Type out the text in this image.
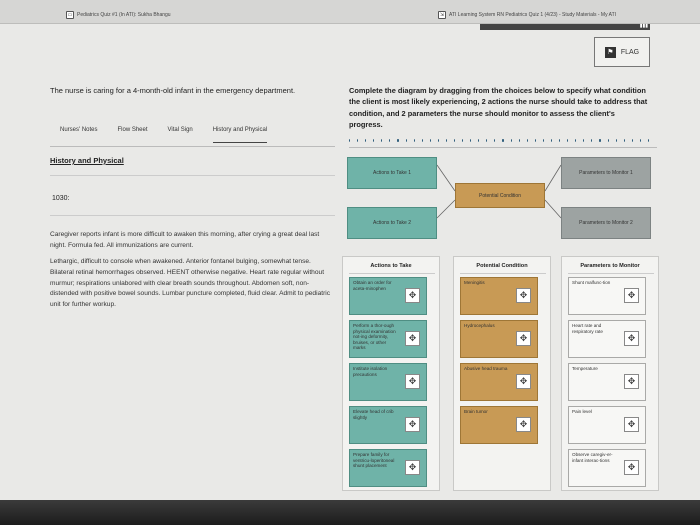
▭ Pediatrics Quiz #1 (In ATI): Sukha Bhangu	⇲ ATI Learning System RN Pediatrics Quiz 1 (4/23) - Study Materials - My ATI
▮▮▮
⚑	FLAG
The nurse is caring for a 4-month-old infant in the emergency department.
Nurses' Notes	Flow Sheet	Vital Sign	History and Physical
History and Physical
1030:
Caregiver reports infant is more difficult to awaken this morning, after crying a great deal last night. Formula fed. All immunizations are current.
Lethargic, difficult to console when awakened. Anterior fontanel bulging, somewhat tense. Bilateral retinal hemorrhages observed. HEENT otherwise negative. Heart rate regular without murmur; respirations unlabored with clear breath sounds throughout. Abdomen soft, non-distended with positive bowel sounds. Lumbar puncture completed, fluid clear. Admit to pediatric unit for further workup.
Complete the diagram by dragging from the choices below to specify what condition the client is most likely experiencing, 2 actions the nurse should take to address that condition, and 2 parameters the nurse should monitor to assess the client's progress.
Actions to Take 1
Actions to Take 2
Potential Condition
Parameters to Monitor 1
Parameters to Monitor 2
Actions to Take
Obtain an order for aceta-minophen
✥
Perform a thor-ough physical examination not-ing deformity, bruises, or other marks
✥
Institute isolation precautions
✥
Elevate head of crib slightly
✥
Prepare family for ventricu-loperitoneal shunt placement	✥
Potential Condition
Meningitis
✥
Hydrocephalus
✥
Abusive head trauma
✥
Brain tumor
✥
Parameters to Monitor
Shunt malfunc-tion
✥
Heart rate and respiratory rate
✥
Temperature
✥
Pain level
✥
Observe caregiv-er-infant interac-tions
✥
